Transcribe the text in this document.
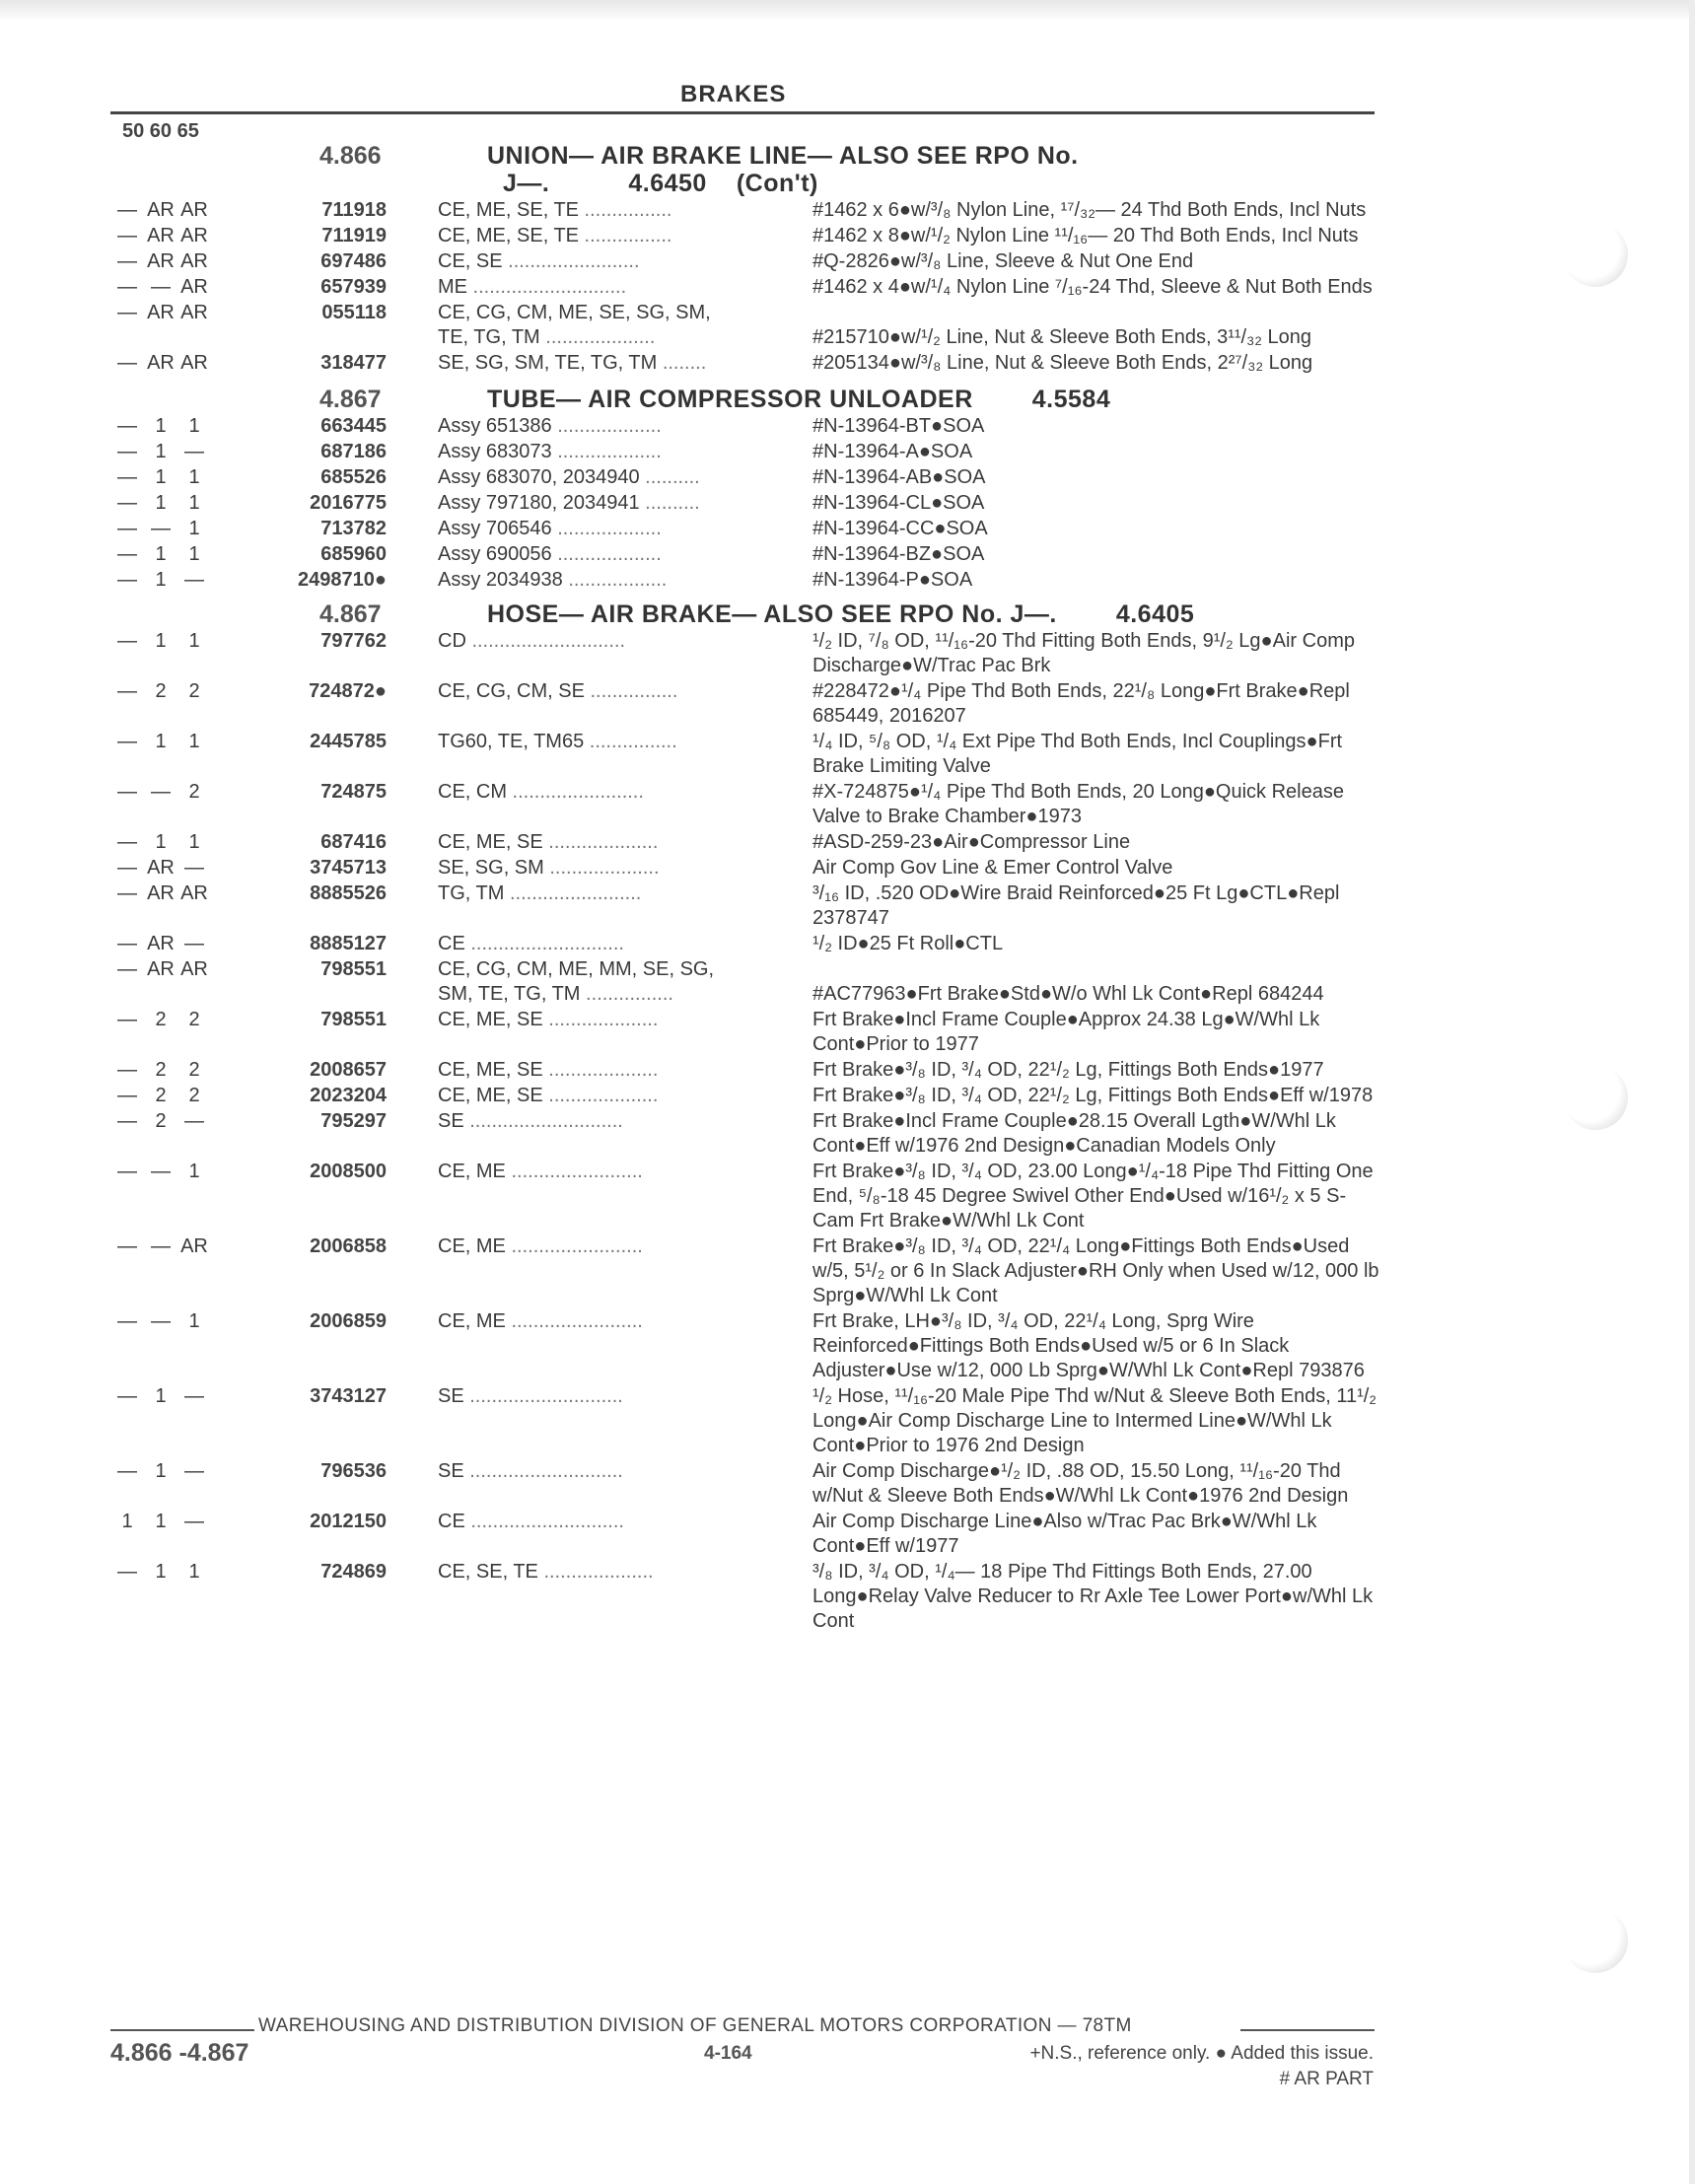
BRAKES
50 60 65
4.866	UNION— AIR BRAKE LINE— ALSO SEE RPO No.
J—.	4.6450 (Con't)
— AR AR	711918	CE, ME, SE, TE ................	#1462 x 6●w/³/₈ Nylon Line, ¹⁷/₃₂— 24 Thd Both Ends, Incl Nuts
— AR AR	711919	CE, ME, SE, TE ................	#1462 x 8●w/¹/₂ Nylon Line ¹¹/₁₆— 20 Thd Both Ends, Incl Nuts
— AR AR	697486	CE, SE ........................	#Q-2826●w/³/₈ Line, Sleeve & Nut One End
— — AR	657939	ME ............................	#1462 x 4●w/¹/₄ Nylon Line ⁷/₁₆-24 Thd, Sleeve & Nut Both Ends
— AR AR	055118	CE, CG, CM, ME, SE, SG, SM,
TE, TG, TM ....................	#215710●w/¹/₂ Line, Nut & Sleeve Both Ends, 3¹¹/₃₂ Long
— AR AR	318477	SE, SG, SM, TE, TG, TM ........	#205134●w/³/₈ Line, Nut & Sleeve Both Ends, 2²⁷/₃₂ Long
4.867	TUBE— AIR COMPRESSOR UNLOADER 4.5584
— 1 1	663445	Assy 651386 ...................	#N-13964-BT●SOA
— 1 —	687186	Assy 683073 ...................	#N-13964-A●SOA
— 1 1	685526	Assy 683070, 2034940 ..........	#N-13964-AB●SOA
— 1 1	2016775	Assy 797180, 2034941 ..........	#N-13964-CL●SOA
— — 1	713782	Assy 706546 ...................	#N-13964-CC●SOA
— 1 1	685960	Assy 690056 ...................	#N-13964-BZ●SOA
— 1 —	2498710●	Assy 2034938 ..................	#N-13964-P●SOA
4.867	HOSE— AIR BRAKE— ALSO SEE RPO No. J—. 4.6405
— 1 1	797762	CD ............................	¹/₂ ID, ⁷/₈ OD, ¹¹/₁₆-20 Thd Fitting Both Ends, 9¹/₂ Lg●Air Comp Discharge●W/Trac Pac Brk
— 2 2	724872●	CE, CG, CM, SE ................	#228472●¹/₄ Pipe Thd Both Ends, 22¹/₈ Long●Frt Brake●Repl 685449, 2016207
— 1 1	2445785	TG60, TE, TM65 ................	¹/₄ ID, ⁵/₈ OD, ¹/₄ Ext Pipe Thd Both Ends, Incl Couplings●Frt Brake Limiting Valve
— — 2	724875	CE, CM ........................	#X-724875●¹/₄ Pipe Thd Both Ends, 20 Long●Quick Release Valve to Brake Chamber●1973
— 1 1	687416	CE, ME, SE ....................	#ASD-259-23●Air●Compressor Line
— AR —	3745713	SE, SG, SM ....................	Air Comp Gov Line & Emer Control Valve
— AR AR	8885526	TG, TM ........................	³/₁₆ ID, .520 OD●Wire Braid Reinforced●25 Ft Lg●CTL●Repl 2378747
— AR —	8885127	CE ............................	¹/₂ ID●25 Ft Roll●CTL
— AR AR	798551	CE, CG, CM, ME, MM, SE, SG,
SM, TE, TG, TM ................	#AC77963●Frt Brake●Std●W/o Whl Lk Cont●Repl 684244
— 2 2	798551	CE, ME, SE ....................	Frt Brake●Incl Frame Couple●Approx 24.38 Lg●W/Whl Lk Cont●Prior to 1977
— 2 2	2008657	CE, ME, SE ....................	Frt Brake●³/₈ ID, ³/₄ OD, 22¹/₂ Lg, Fittings Both Ends●1977
— 2 2	2023204	CE, ME, SE ....................	Frt Brake●³/₈ ID, ³/₄ OD, 22¹/₂ Lg, Fittings Both Ends●Eff w/1978
— 2 —	795297	SE ............................	Frt Brake●Incl Frame Couple●28.15 Overall Lgth●W/Whl Lk Cont●Eff w/1976 2nd Design●Canadian Models Only
— — 1	2008500	CE, ME ........................	Frt Brake●³/₈ ID, ³/₄ OD, 23.00 Long●¹/₄-18 Pipe Thd Fitting One End, ⁵/₈-18 45 Degree Swivel Other End●Used w/16¹/₂ x 5 S-Cam Frt Brake●W/Whl Lk Cont
— — AR	2006858	CE, ME ........................	Frt Brake●³/₈ ID, ³/₄ OD, 22¹/₄ Long●Fittings Both Ends●Used w/5, 5¹/₂ or 6 In Slack Adjuster●RH Only when Used w/12, 000 lb Sprg●W/Whl Lk Cont
— — 1	2006859	CE, ME ........................	Frt Brake, LH●³/₈ ID, ³/₄ OD, 22¹/₄ Long, Sprg Wire Reinforced●Fittings Both Ends●Used w/5 or 6 In Slack Adjuster●Use w/12, 000 Lb Sprg●W/Whl Lk Cont●Repl 793876
— 1 —	3743127	SE ............................	¹/₂ Hose, ¹¹/₁₆-20 Male Pipe Thd w/Nut & Sleeve Both Ends, 11¹/₂ Long●Air Comp Discharge Line to Intermed Line●W/Whl Lk Cont●Prior to 1976 2nd Design
— 1 —	796536	SE ............................	Air Comp Discharge●¹/₂ ID, .88 OD, 15.50 Long, ¹¹/₁₆-20 Thd w/Nut & Sleeve Both Ends●W/Whl Lk Cont●1976 2nd Design
1 1 —	2012150	CE ............................	Air Comp Discharge Line●Also w/Trac Pac Brk●W/Whl Lk Cont●Eff w/1977
— 1 1	724869	CE, SE, TE ....................	³/₈ ID, ³/₄ OD, ¹/₄— 18 Pipe Thd Fittings Both Ends, 27.00 Long●Relay Valve Reducer to Rr Axle Tee Lower Port●w/Whl Lk Cont
WAREHOUSING AND DISTRIBUTION DIVISION OF GENERAL MOTORS CORPORATION — 78TM
4.866 -4.867	4-164	+N.S., reference only. ● Added this issue.
# AR PART
